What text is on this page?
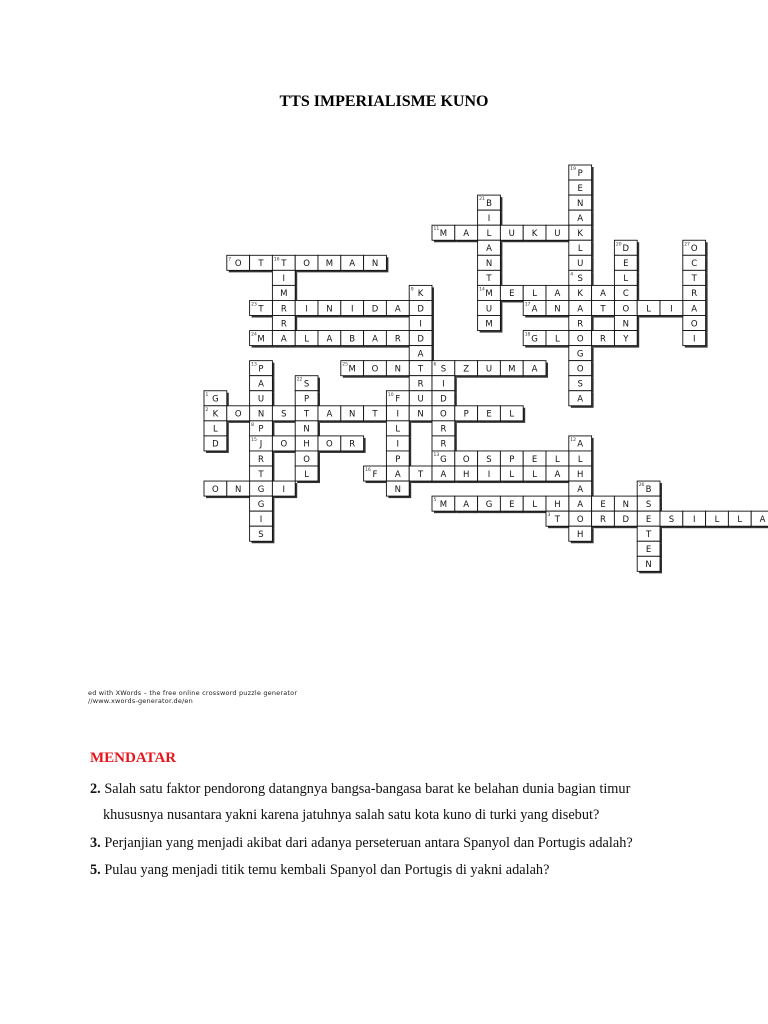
TTS IMPERIALISME KUNO
P
19
E
N
A
K
L
U
S
4
B
21
I
L
A
N
T
M
14
U
M
M
11	A	U K U
D
20
E
L
C
O
N
Y
O
27
C
T
R
A
O
I
O
7	T T
16	O M A N
I
M
R
R
K
A
R
O
G
O
S
A
K
9
D
I
D
A
T
R
U
E L A	A
T
23	I N I D A	A
17	N	T	L I
M
24	A L A B A R	G
18	L	R
M
25	O N	S
6	Z U M A
P
13
A
U
N
I
D
O
R
R
G
13
S
22
P
T
N
H
O
L
G
1
K
2
L
D
F
10
I
L
I
P
A
N
O	S	A N T	N	P E L
P
8
J
15
R
T
G
G
I
S
O	O R	A
12
L
H
A
A
O
H
O S P E L
F
16	T A H I L L A
O N	I	B
26
S
E
T
E
N
M
5	A G E L H	E N
T
3	R D	S I L L A
ed with XWords – the free online crossword puzzle generator
//www.xwords-generator.de/en
MENDATAR
2. Salah satu faktor pendorong datangnya bangsa-bangasa barat ke belahan dunia bagian timur
khususnya nusantara yakni karena jatuhnya salah satu kota kuno di turki yang disebut?
3. Perjanjian yang menjadi akibat dari adanya perseteruan antara Spanyol dan Portugis adalah?
5. Pulau yang menjadi titik temu kembali Spanyol dan Portugis di yakni adalah?
